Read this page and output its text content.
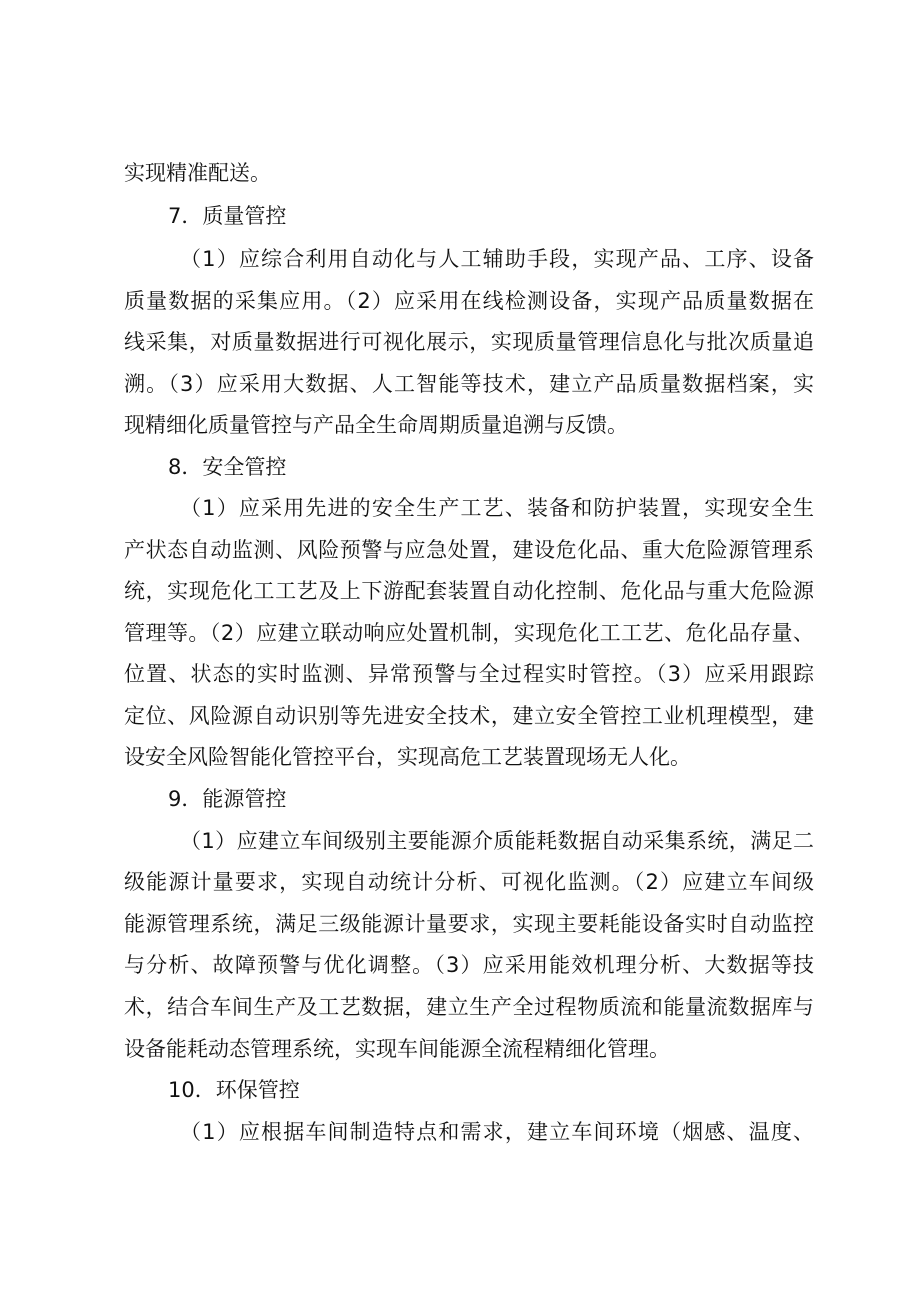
实现精准配送。
7．质量管控
（1）应综合利用自动化与人工辅助手段，实现产品、工序、设备
质量数据的采集应用。（2）应采用在线检测设备，实现产品质量数据在
线采集，对质量数据进行可视化展示，实现质量管理信息化与批次质量追
溯。（3）应采用大数据、人工智能等技术，建立产品质量数据档案，实
现精细化质量管控与产品全生命周期质量追溯与反馈。
8．安全管控
（1）应采用先进的安全生产工艺、装备和防护装置，实现安全生
产状态自动监测、风险预警与应急处置，建设危化品、重大危险源管理系
统，实现危化工工艺及上下游配套装置自动化控制、危化品与重大危险源
管理等。（2）应建立联动响应处置机制，实现危化工工艺、危化品存量、
位置、状态的实时监测、异常预警与全过程实时管控。（3）应采用跟踪
定位、风险源自动识别等先进安全技术，建立安全管控工业机理模型，建
设安全风险智能化管控平台，实现高危工艺装置现场无人化。
9．能源管控
（1）应建立车间级别主要能源介质能耗数据自动采集系统，满足二
级能源计量要求，实现自动统计分析、可视化监测。（2）应建立车间级
能源管理系统，满足三级能源计量要求，实现主要耗能设备实时自动监控
与分析、故障预警与优化调整。（3）应采用能效机理分析、大数据等技
术，结合车间生产及工艺数据，建立生产全过程物质流和能量流数据库与
设备能耗动态管理系统，实现车间能源全流程精细化管理。
10．环保管控
（1）应根据车间制造特点和需求，建立车间环境（烟感、温度、
